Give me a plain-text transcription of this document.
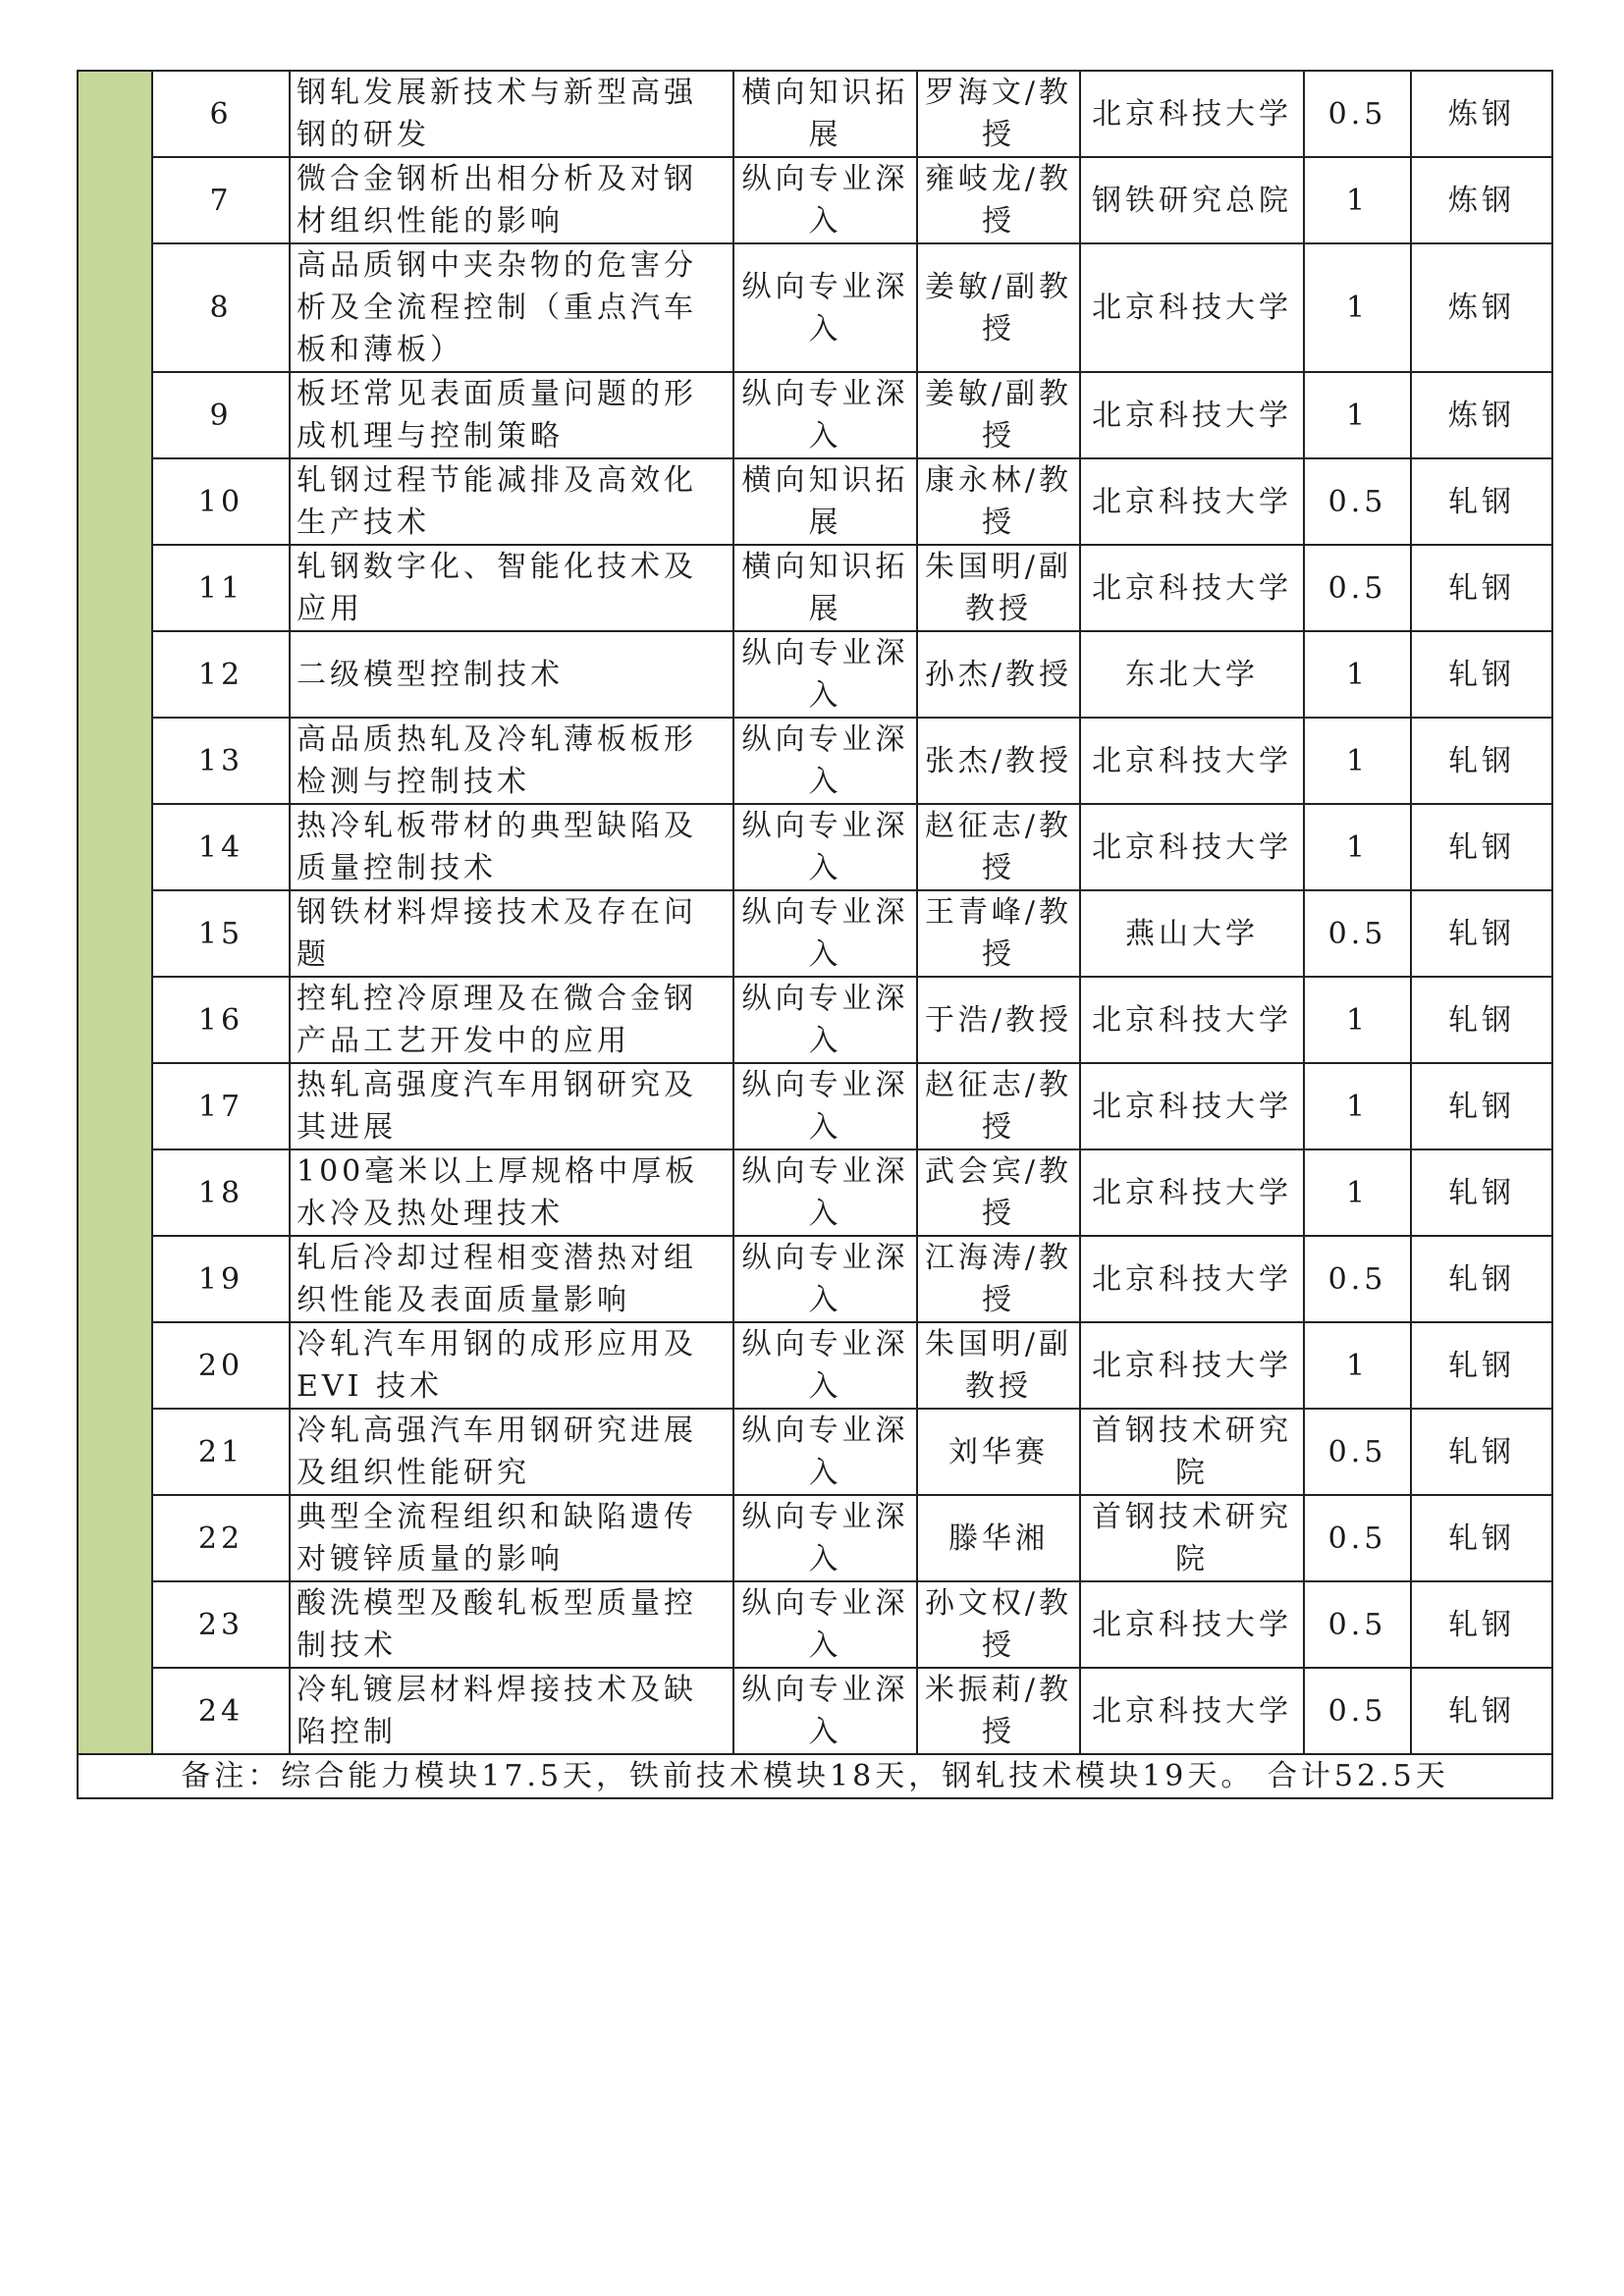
	6	钢轧发展新技术与新型高强钢的研发	横向知识拓展	罗海文/教授	北京科技大学	0.5	炼钢
	7	微合金钢析出相分析及对钢材组织性能的影响	纵向专业深入	雍岐龙/教授	钢铁研究总院	1	炼钢
	8	高品质钢中夹杂物的危害分析及全流程控制（重点汽车板和薄板）	纵向专业深入	姜敏/副教授	北京科技大学	1	炼钢
	9	板坯常见表面质量问题的形成机理与控制策略	纵向专业深入	姜敏/副教授	北京科技大学	1	炼钢
	10	轧钢过程节能减排及高效化生产技术	横向知识拓展	康永林/教授	北京科技大学	0.5	轧钢
	11	轧钢数字化、智能化技术及应用	横向知识拓展	朱国明/副教授	北京科技大学	0.5	轧钢
	12	二级模型控制技术	纵向专业深入	孙杰/教授	东北大学	1	轧钢
	13	高品质热轧及冷轧薄板板形检测与控制技术	纵向专业深入	张杰/教授	北京科技大学	1	轧钢
	14	热冷轧板带材的典型缺陷及质量控制技术	纵向专业深入	赵征志/教授	北京科技大学	1	轧钢
	15	钢铁材料焊接技术及存在问题	纵向专业深入	王青峰/教授	燕山大学	0.5	轧钢
	16	控轧控冷原理及在微合金钢产品工艺开发中的应用	纵向专业深入	于浩/教授	北京科技大学	1	轧钢
	17	热轧高强度汽车用钢研究及其进展	纵向专业深入	赵征志/教授	北京科技大学	1	轧钢
	18	100毫米以上厚规格中厚板水冷及热处理技术	纵向专业深入	武会宾/教授	北京科技大学	1	轧钢
	19	轧后冷却过程相变潜热对组织性能及表面质量影响	纵向专业深入	江海涛/教授	北京科技大学	0.5	轧钢
	20	冷轧汽车用钢的成形应用及EVI 技术	纵向专业深入	朱国明/副教授	北京科技大学	1	轧钢
	21	冷轧高强汽车用钢研究进展及组织性能研究	纵向专业深入	刘华赛	首钢技术研究院	0.5	轧钢
	22	典型全流程组织和缺陷遗传对镀锌质量的影响	纵向专业深入	滕华湘	首钢技术研究院	0.5	轧钢
	23	酸洗模型及酸轧板型质量控制技术	纵向专业深入	孙文权/教授	北京科技大学	0.5	轧钢
	24	冷轧镀层材料焊接技术及缺陷控制	纵向专业深入	米振莉/教授	北京科技大学	0.5	轧钢
备注：综合能力模块17.5天，铁前技术模块18天，钢轧技术模块19天。 合计52.5天							
